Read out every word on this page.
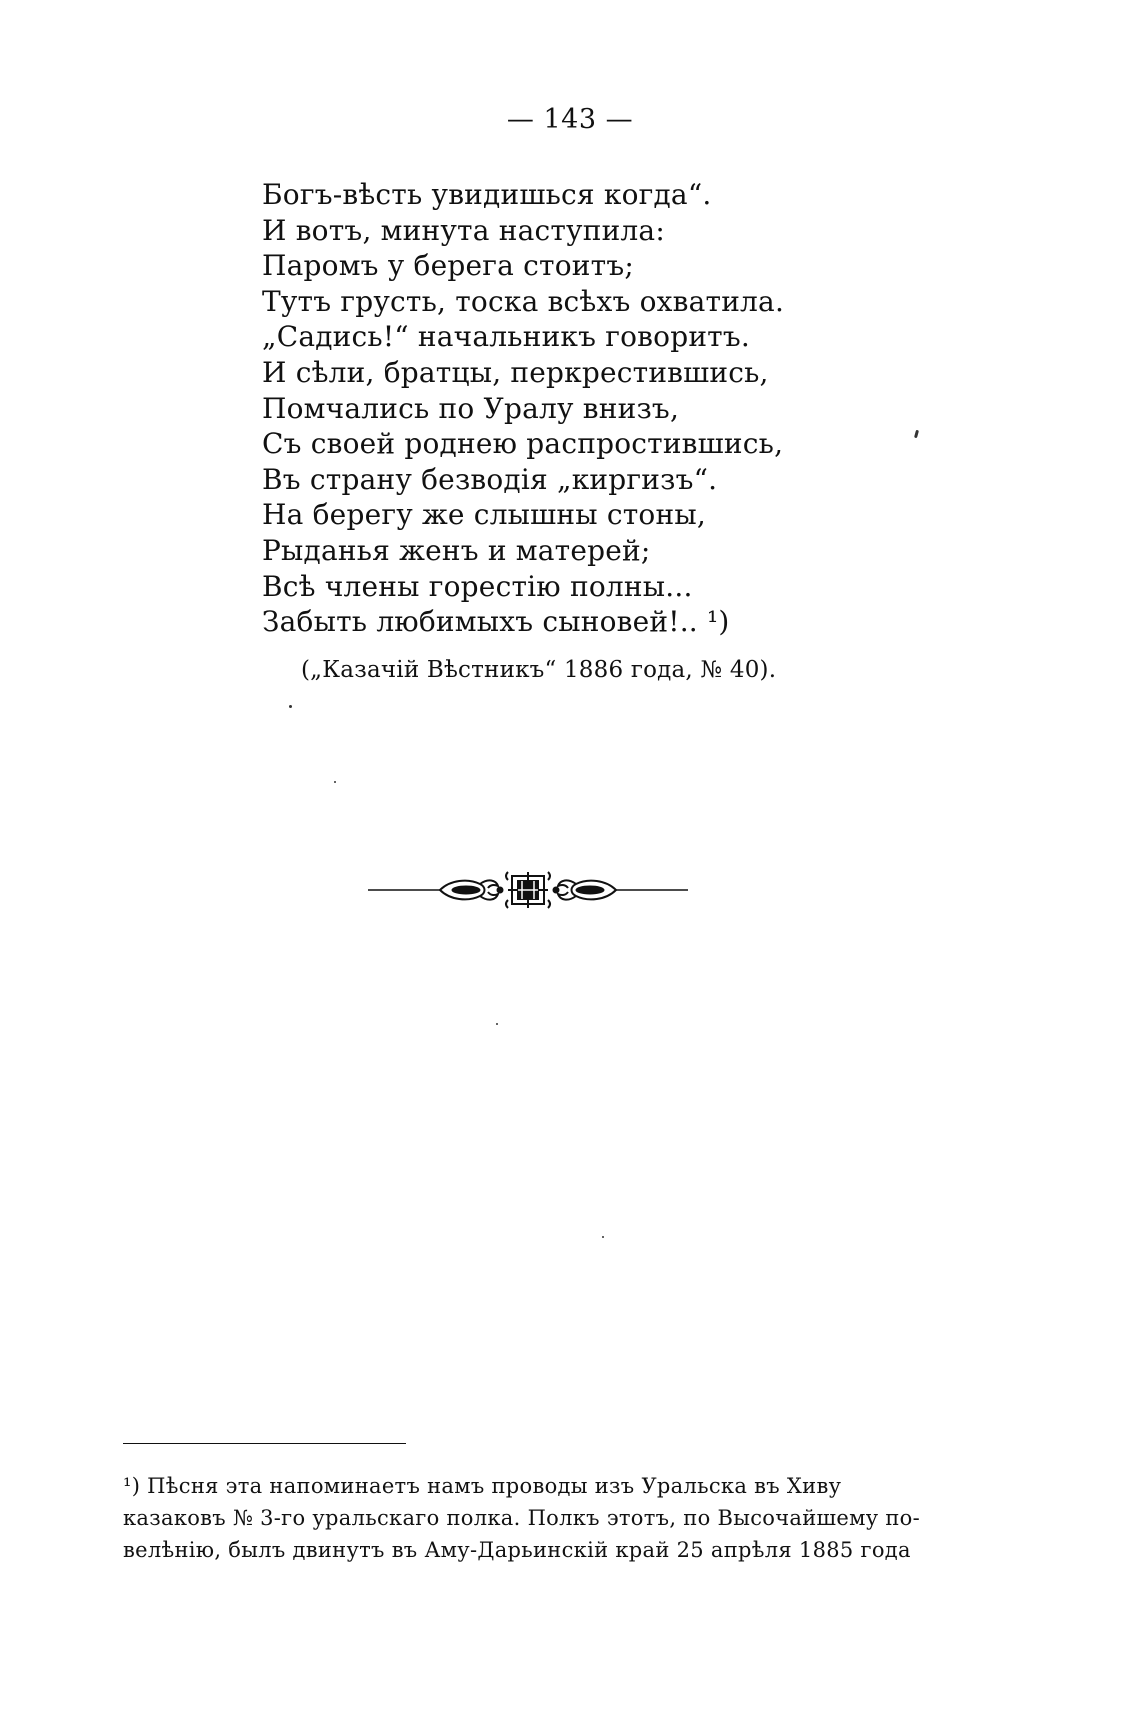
— 143 —
Богъ-вѣсть увидишься когда“.
И вотъ, минута наступила:
Паромъ у берега стоитъ;
Тутъ грусть, тоска всѣхъ охватила.
„Садись!“ начальникъ говоритъ.
И сѣли, братцы, перкрестившись,
Помчались по Уралу внизъ,
Съ своей роднею распростившись,
Въ страну безводія „киргизъ“.
На берегу же слышны стоны,
Рыданья женъ и матерей;
Всѣ члены горестію полны...
Забыть любимыхъ сыновей!.. ¹)
(„Казачій Вѣстникъ“ 1886 года, № 40).
¹) Пѣсня эта напоминаетъ намъ проводы изъ Уральска въ Хиву
казаковъ № 3-го уральскаго полка. Полкъ этотъ, по Высочайшему по-
велѣнію, былъ двинутъ въ Аму-Дарьинскій край 25 апрѣля 1885 года
